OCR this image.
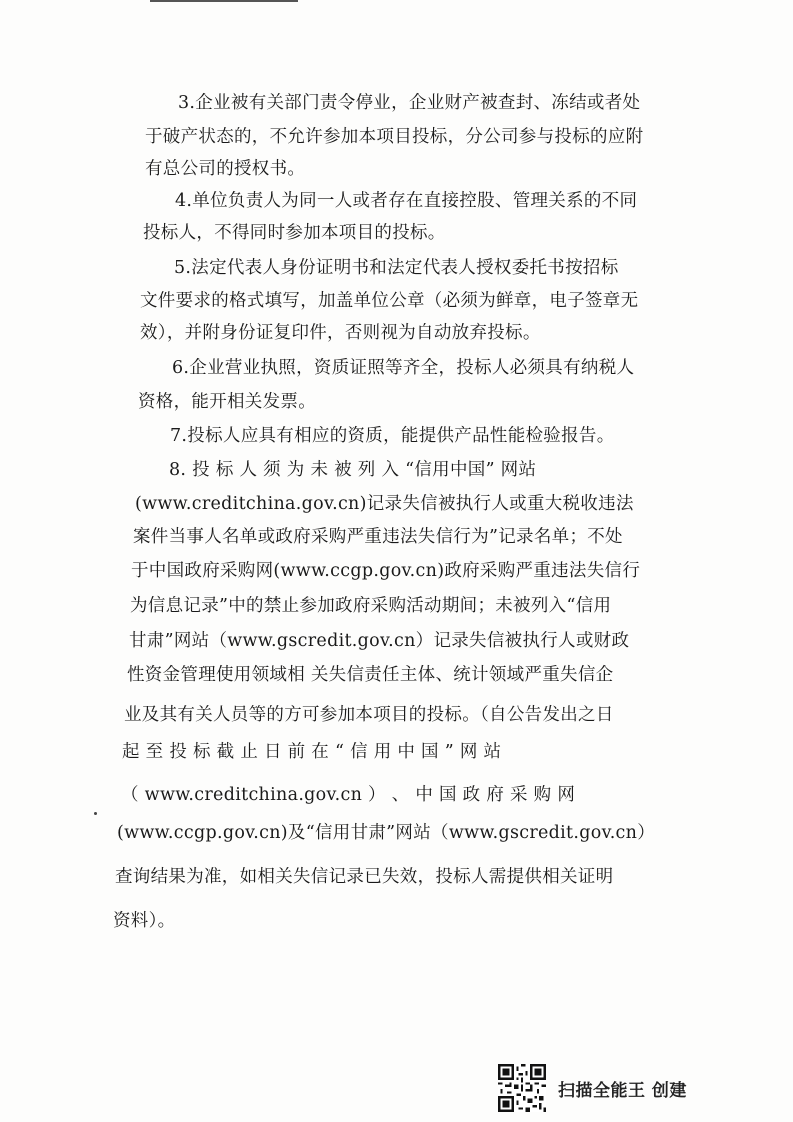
3.企业被有关部门责令停业，企业财产被查封、冻结或者处
于破产状态的，不允许参加本项目投标，分公司参与投标的应附
有总公司的授权书。
4.单位负责人为同一人或者存在直接控股、管理关系的不同
投标人，不得同时参加本项目的投标。
5.法定代表人身份证明书和法定代表人授权委托书按招标
文件要求的格式填写，加盖单位公章（必须为鲜章，电子签章无
效），并附身份证复印件，否则视为自动放弃投标。
6.企业营业执照，资质证照等齐全，投标人必须具有纳税人
资格，能开相关发票。
7.投标人应具有相应的资质，能提供产品性能检验报告。
8. 投 标 人 须 为 未 被 列 入 “信用中国” 网站
(www.creditchina.gov.cn)记录失信被执行人或重大税收违法
案件当事人名单或政府采购严重违法失信行为”记录名单；不处
于中国政府采购网(www.ccgp.gov.cn)政府采购严重违法失信行
为信息记录”中的禁止参加政府采购活动期间；未被列入“信用
甘肃”网站（www.gscredit.gov.cn）记录失信被执行人或财政
性资金管理使用领域相 关失信责任主体、统计领域严重失信企
业及其有关人员等的方可参加本项目的投标。（自公告发出之日
起 至 投 标 截 止 日 前 在 “ 信 用 中 国 ” 网 站
（ www.creditchina.gov.cn ） 、 中 国 政 府 采 购 网
(www.ccgp.gov.cn)及“信用甘肃”网站（www.gscredit.gov.cn）
查询结果为准，如相关失信记录已失效，投标人需提供相关证明
资料）。
扫描全能王 创建
